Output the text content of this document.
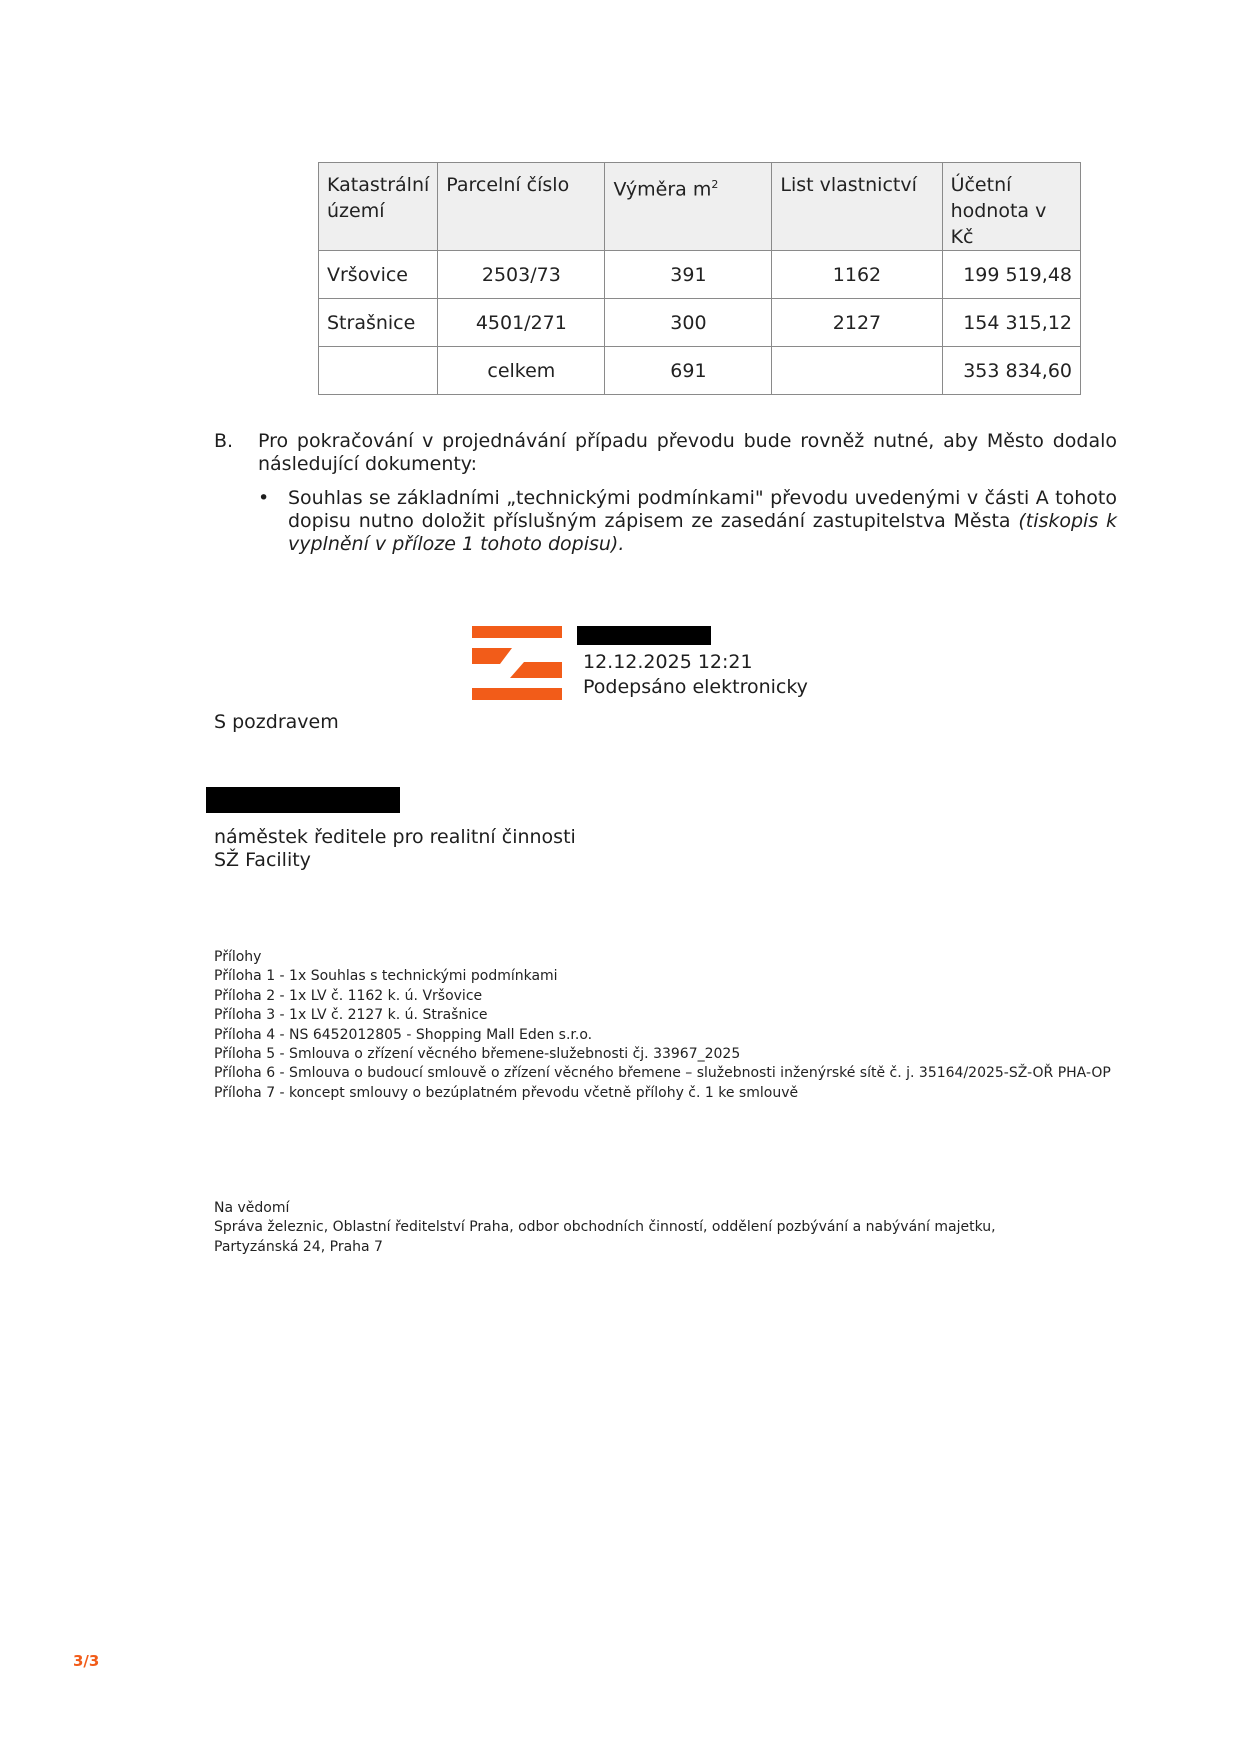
Katastrální území	Parcelní číslo	Výměra $m^2$	List vlastnictví	Účetní hodnota v Kč
Vršovice	2503/73	391	1162	199 519,48
Strašnice	4501/271	300	2127	154 315,12
	celkem	691		353 834,60
B. Pro pokračování v projednávání případu převodu bude rovněž nutné, aby Město dodalo následující dokumenty:
• Souhlas se základními „technickými podmínkami" převodu uvedenými v části A tohoto dopisu nutno doložit příslušným zápisem ze zasedání zastupitelstva Města (tiskopis k vyplnění v příloze 1 tohoto dopisu).
12.12.2025 12:21
Podepsáno elektronicky
S pozdravem
náměstek ředitele pro realitní činnosti
SŽ Facility
Přílohy
Příloha 1 - 1x Souhlas s technickými podmínkami
Příloha 2 - 1x LV č. 1162 k. ú. Vršovice
Příloha 3 - 1x LV č. 2127 k. ú. Strašnice
Příloha 4 - NS 6452012805 - Shopping Mall Eden s.r.o.
Příloha 5 - Smlouva o zřízení věcného břemene-služebnosti čj. 33967_2025
Příloha 6 - Smlouva o budoucí smlouvě o zřízení věcného břemene – služebnosti inženýrské sítě č. j. 35164/2025-SŽ-OŘ PHA-OP
Příloha 7 - koncept smlouvy o bezúplatném převodu včetně přílohy č. 1 ke smlouvě
Na vědomí
Správa železnic, Oblastní ředitelství Praha, odbor obchodních činností, oddělení pozbývání a nabývání majetku, Partyzánská 24, Praha 7
3/3
